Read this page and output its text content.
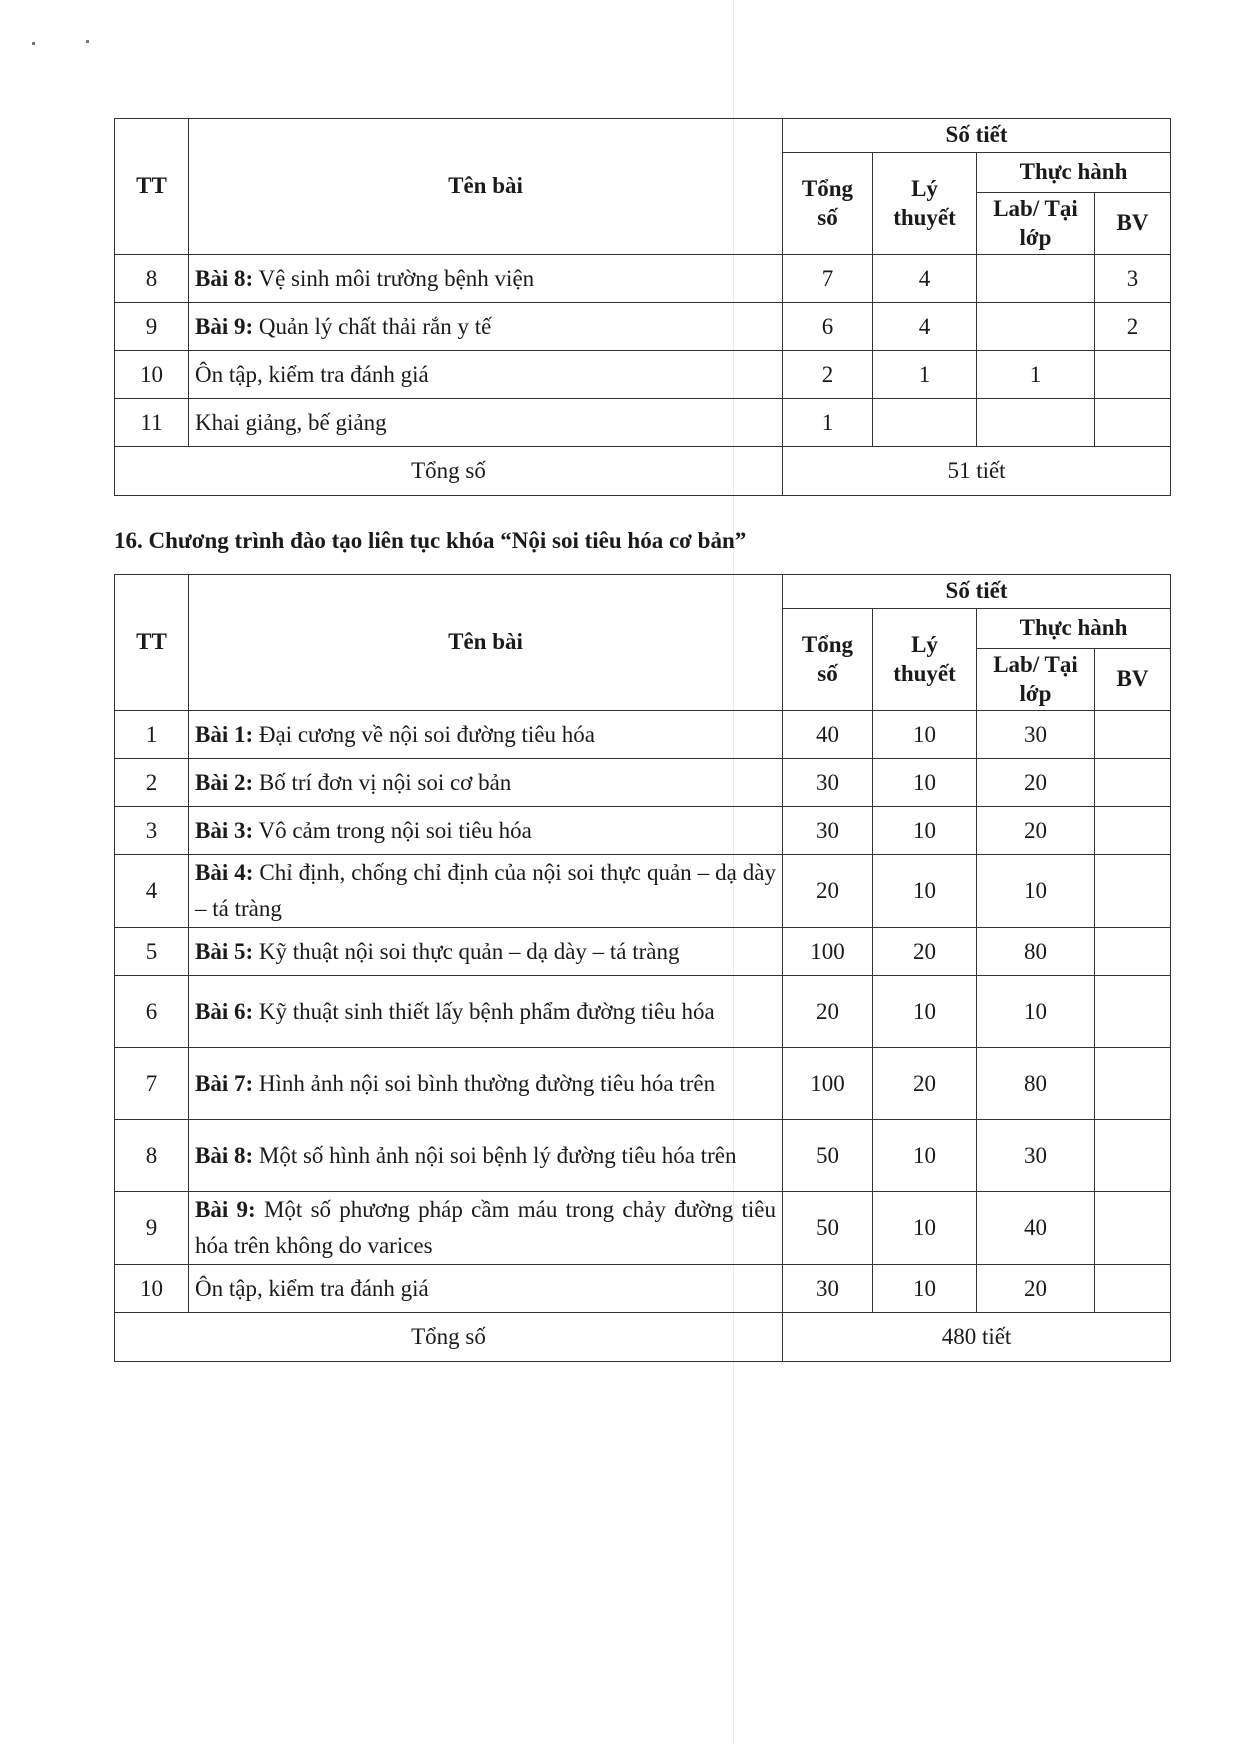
TT	Tên bài	Số tiết			
		Tổng số	Lý thuyết	Thực hành	
				Lab/ Tại lớp	BV
8	Bài 8: Vệ sinh môi trường bệnh viện	7	4		3
9	Bài 9: Quản lý chất thải rắn y tế	6	4		2
10	Ôn tập, kiểm tra đánh giá	2	1	1	
11	Khai giảng, bế giảng	1			
Tổng số		51 tiết			

16. Chương trình đào tạo liên tục khóa “Nội soi tiêu hóa cơ bản”

TT	Tên bài	Số tiết			
		Tổng số	Lý thuyết	Thực hành	
				Lab/ Tại lớp	BV
1	Bài 1: Đại cương về nội soi đường tiêu hóa	40	10	30	
2	Bài 2: Bố trí đơn vị nội soi cơ bản	30	10	20	
3	Bài 3: Vô cảm trong nội soi tiêu hóa	30	10	20	
4	Bài 4: Chỉ định, chống chỉ định của nội soi thực quản – dạ dày – tá tràng	20	10	10	
5	Bài 5: Kỹ thuật nội soi thực quản – dạ dày – tá tràng	100	20	80	
6	Bài 6: Kỹ thuật sinh thiết lấy bệnh phẩm đường tiêu hóa	20	10	10	
7	Bài 7: Hình ảnh nội soi bình thường đường tiêu hóa trên	100	20	80	
8	Bài 8: Một số hình ảnh nội soi bệnh lý đường tiêu hóa trên	50	10	30	
9	Bài 9: Một số phương pháp cầm máu trong chảy đường tiêu hóa trên không do varices	50	10	40	
10	Ôn tập, kiểm tra đánh giá	30	10	20	
Tổng số		480 tiết			
